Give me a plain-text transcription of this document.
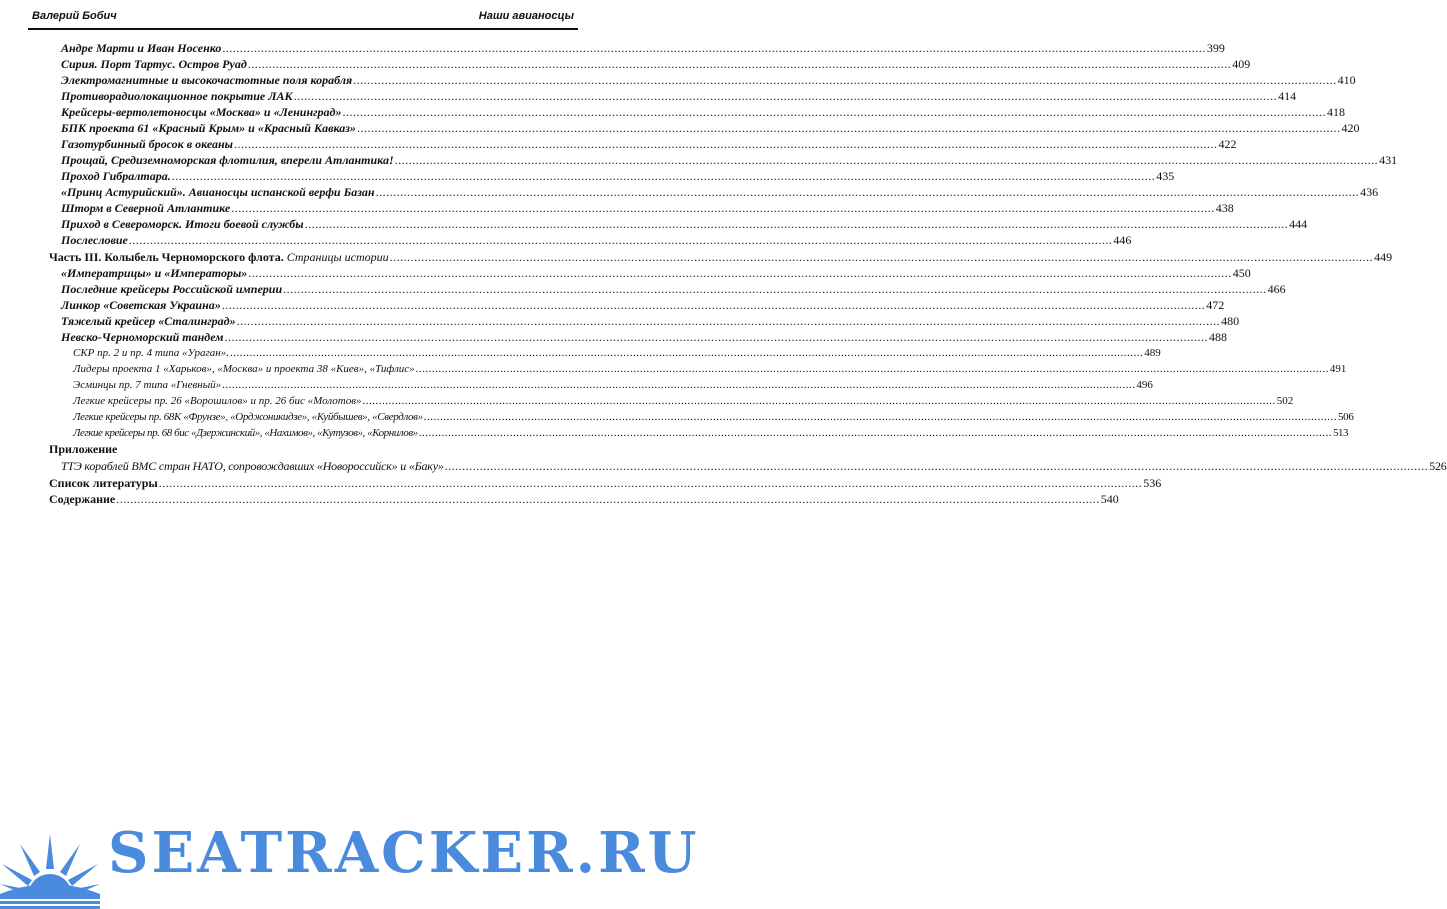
Валерий Бобич	Наши авианосцы
Андре Марти и Иван Носенко .....	399
Сирия. Порт Тартус. Остров Руад .....	409
Электромагнитные и высокочастотные поля корабля .....	410
Противорадиолокационное покрытие ЛАК .....	414
Крейсеры-вертолетоносцы «Москва» и «Ленинград» .....	418
БПК проекта 61 «Красный Крым» и «Красный Кавказ» .....	420
Газотурбинный бросок в океаны .....	422
Прощай, Средиземноморская флотилия, вперели Атлантика! .....	431
Проход Гибралтара. .....	435
«Принц Астурийский». Авианосцы испанской верфи Базан .....	436
Шторм в Северной Атлантике .....	438
Приход в Североморск. Итоги боевой службы .....	444
Послесловие .....	446
Часть III. Колыбель Черноморского флота. Страницы истории .....	449
«Императрицы» и «Императоры» .....	450
Последние крейсеры Российской империи .....	466
Линкор «Советская Украина» .....	472
Тяжелый крейсер «Сталинград» .....	480
Невско-Черноморский тандем .....	488
СКР пр. 2 и пр. 4 типа «Ураган». .....	489
Лидеры проекта 1 «Харьков», «Москва» и проекта 38 «Киев», «Тифлис» .....	491
Эсминцы пр. 7 типа «Гневный» .....	496
Легкие крейсеры пр. 26 «Ворошилов» и пр. 26 бис «Молотов» .....	502
Легкие крейсеры пр. 68К «Фрунзе», «Орджоникидзе», «Куйбышев», «Свердлов» .....	506
Легкие крейсеры пр. 68 бис «Дзержинский», «Нахимов», «Кутузов», «Корнилов» .....	513
Приложение
ТТЭ кораблей ВМС стран НАТО, сопровождавших «Новороссийск» и «Баку» .....	526
Список литературы .....	536
Содержание .....	540
SEATRACKER.RU
